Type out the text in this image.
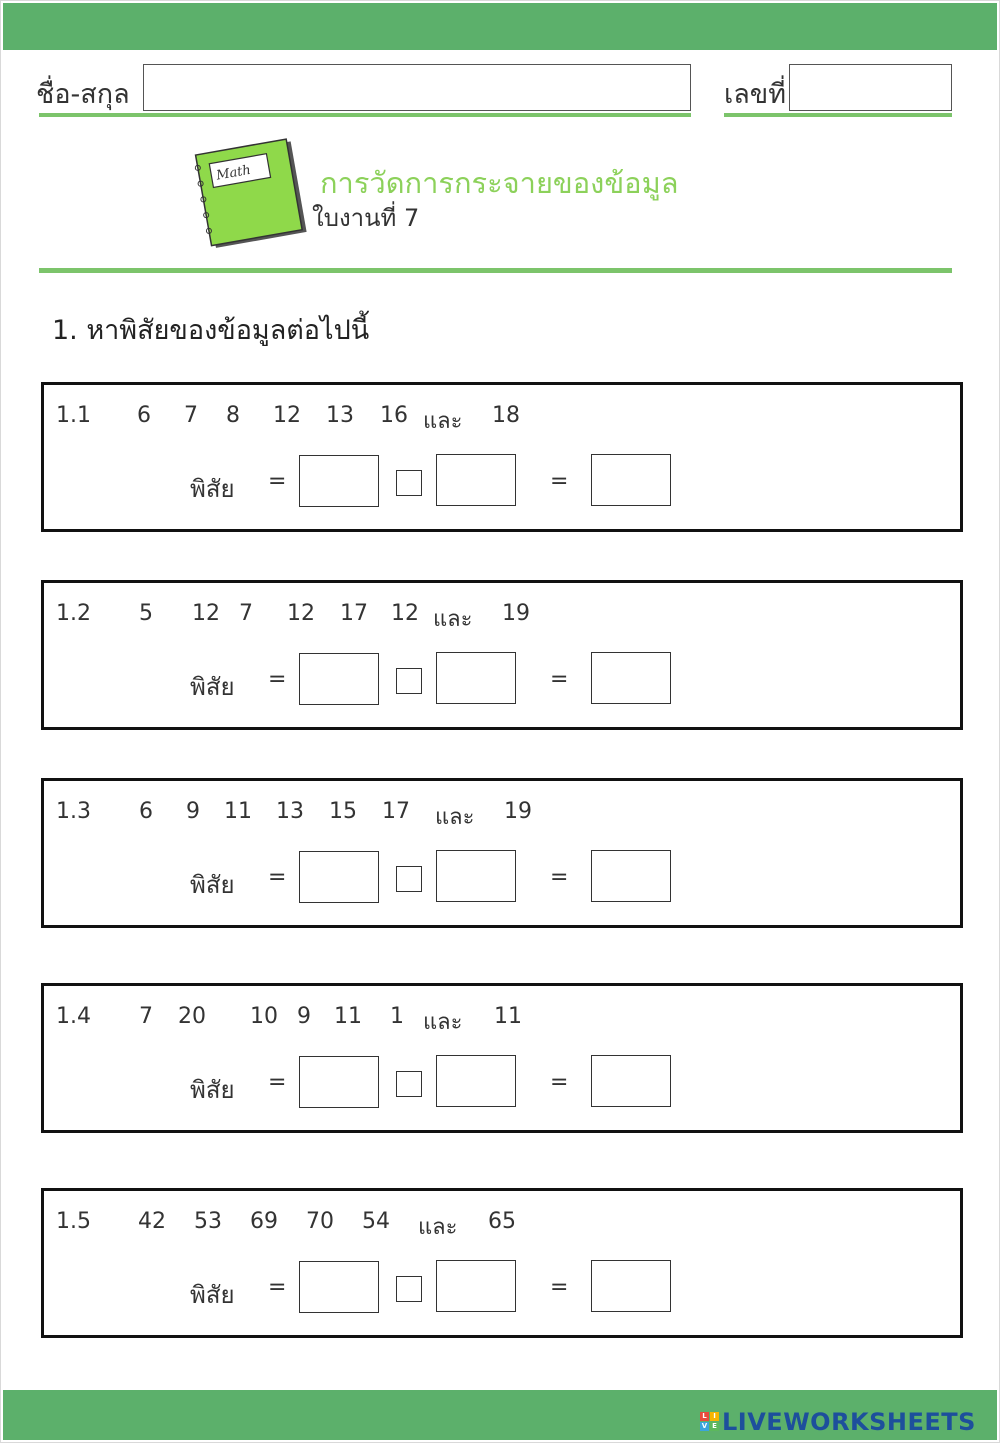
ชื่อ-สกุล	เลขที่
Math การวัดการกระจายของข้อมูล
ใบงานที่ 7
1. หาพิสัยของข้อมูลต่อไปนี้
1.1 6 7 8 12 13 16 และ 18
พิสัย =	=
1.2 5 12 7 12 17 12 และ 19
พิสัย =	=
1.3 6 9 11 13 15 17 และ 19
พิสัย =	=
1.4 7 20 10 9 11 1 และ 11
พิสัย =	=
1.5 42 53 69 70 54 และ 65
พิสัย =	=
L I
V E LIVEWORKSHEETS
